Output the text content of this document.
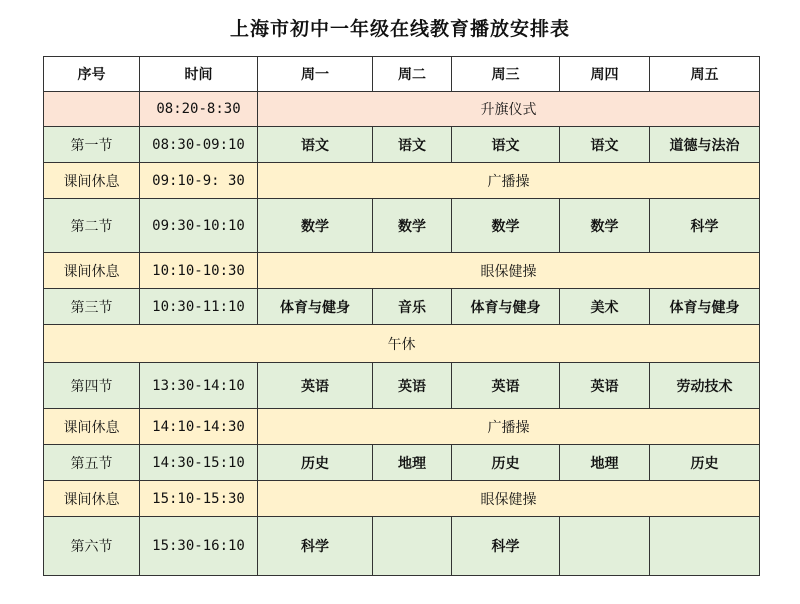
上海市初中一年级在线教育播放安排表
序号	时间	周一	周二	周三	周四	周五
	08:20-8:30	升旗仪式				
第一节	08:30-09:10	语文	语文	语文	语文	道德与法治
课间休息	09:10-9: 30	广播操				
第二节	09:30-10:10	数学	数学	数学	数学	科学
课间休息	10:10-10:30	眼保健操				
第三节	10:30-11:10	体育与健身	音乐	体育与健身	美术	体育与健身
午休						
第四节	13:30-14:10	英语	英语	英语	英语	劳动技术
课间休息	14:10-14:30	广播操				
第五节	14:30-15:10	历史	地理	历史	地理	历史
课间休息	15:10-15:30	眼保健操				
第六节	15:30-16:10	科学		科学		
